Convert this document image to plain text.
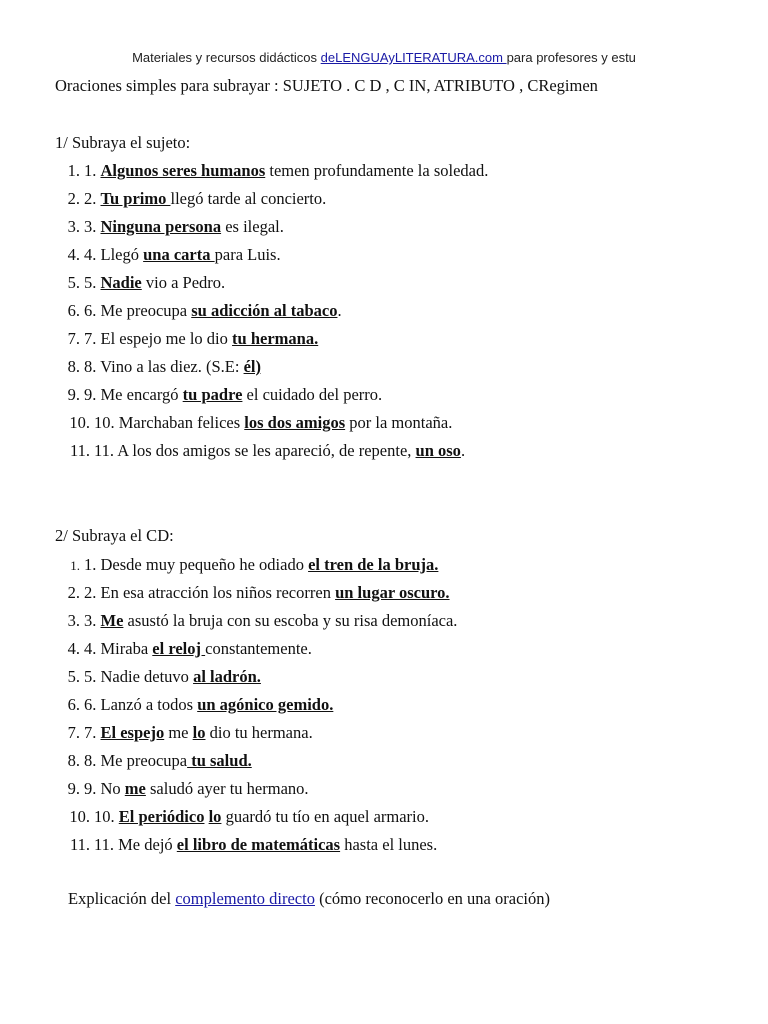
Materiales y recursos didácticos deLENGUAyLITERATURA.com para profesores y estu
Oraciones simples para subrayar : SUJETO . C D , C IN, ATRIBUTO , CRegimen
1/ Subraya el sujeto:
1. 1. Algunos seres humanos temen profundamente la soledad.
2. 2. Tu primo llegó tarde al concierto.
3. 3. Ninguna persona es ilegal.
4. 4. Llegó una carta para Luis.
5. 5. Nadie vio a Pedro.
6. 6. Me preocupa su adicción al tabaco.
7. 7. El espejo me lo dio tu hermana.
8. 8. Vino a las diez. (S.E: él)
9. 9. Me encargó tu padre el cuidado del perro.
10. 10. Marchaban felices los dos amigos por la montaña.
11. 11. A los dos amigos se les apareció, de repente, un oso.
2/ Subraya el CD:
1. 1. Desde muy pequeño he odiado el tren de la bruja.
2. 2. En esa atracción los niños recorren un lugar oscuro.
3. 3. Me asustó la bruja con su escoba y su risa demoníaca.
4. 4. Miraba el reloj constantemente.
5. 5. Nadie detuvo al ladrón.
6. 6. Lanzó a todos un agónico gemido.
7. 7. El espejo me lo dio tu hermana.
8. 8. Me preocupa tu salud.
9. 9. No me saludó ayer tu hermano.
10. 10. El periódico lo guardó tu tío en aquel armario.
11. 11. Me dejó el libro de matemáticas hasta el lunes.
Explicación del complemento directo (cómo reconocerlo en una oración)
